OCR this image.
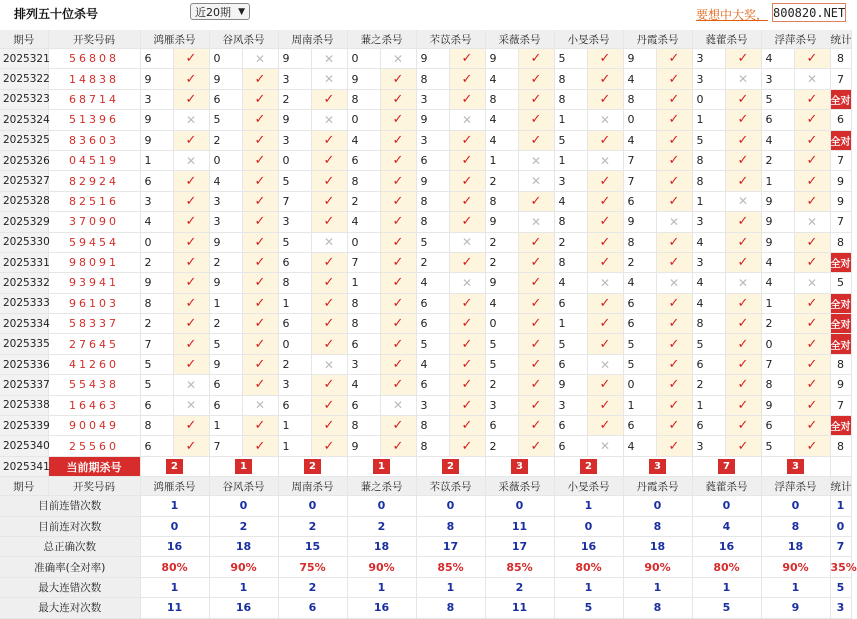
排列五十位杀号	近20期 ▼	要想中大奖， 800820.NET
期号	开奖号码	鸿雁杀号		谷风杀号		周南杀号		蒹之杀号		芣苡杀号		采薇杀号		小旻杀号		丹霞杀号		蕤藿杀号		浮萍杀号		统计
2025321	56808	6	✓	0	✕	9	✕	0	✕	9	✓	9	✓	5	✓	9	✓	3	✓	4	✓	8
2025322	14838	9	✓	9	✓	3	✕	9	✓	8	✓	4	✓	8	✓	4	✓	3	✕	3	✕	7
2025323	68714	3	✓	6	✓	2	✓	8	✓	3	✓	8	✓	8	✓	8	✓	0	✓	5	✓	全对
2025324	51396	9	✕	5	✓	9	✕	0	✓	9	✕	4	✓	1	✕	0	✓	1	✓	6	✓	6
2025325	83603	9	✓	2	✓	3	✓	4	✓	3	✓	4	✓	5	✓	4	✓	5	✓	4	✓	全对
2025326	04519	1	✕	0	✓	0	✓	6	✓	6	✓	1	✕	1	✕	7	✓	8	✓	2	✓	7
2025327	82924	6	✓	4	✓	5	✓	8	✓	9	✓	2	✕	3	✓	7	✓	8	✓	1	✓	9
2025328	82516	3	✓	3	✓	7	✓	2	✓	8	✓	8	✓	4	✓	6	✓	1	✕	9	✓	9
2025329	37090	4	✓	3	✓	3	✓	4	✓	8	✓	9	✕	8	✓	9	✕	3	✓	9	✕	7
2025330	59454	0	✓	9	✓	5	✕	0	✓	5	✕	2	✓	2	✓	8	✓	4	✓	9	✓	8
2025331	98091	2	✓	2	✓	6	✓	7	✓	2	✓	2	✓	8	✓	2	✓	3	✓	4	✓	全对
2025332	93941	9	✓	9	✓	8	✓	1	✓	4	✕	9	✓	4	✕	4	✕	4	✕	4	✕	5
2025333	96103	8	✓	1	✓	1	✓	8	✓	6	✓	4	✓	6	✓	6	✓	4	✓	1	✓	全对
2025334	58337	2	✓	2	✓	6	✓	8	✓	6	✓	0	✓	1	✓	6	✓	8	✓	2	✓	全对
2025335	27645	7	✓	5	✓	0	✓	6	✓	5	✓	5	✓	5	✓	5	✓	5	✓	0	✓	全对
2025336	41260	5	✓	9	✓	2	✕	3	✓	4	✓	5	✓	6	✕	5	✓	6	✓	7	✓	8
2025337	55438	5	✕	6	✓	3	✓	4	✓	6	✓	2	✓	9	✓	0	✓	2	✓	8	✓	9
2025338	16463	6	✕	6	✕	6	✓	6	✕	3	✓	3	✓	3	✓	1	✓	1	✓	9	✓	7
2025339	90049	8	✓	1	✓	1	✓	8	✓	8	✓	6	✓	6	✓	6	✓	6	✓	6	✓	全对
2025340	25560	6	✓	7	✓	1	✓	9	✓	8	✓	2	✓	6	✕	4	✓	3	✓	5	✓	8
2025341	当前期杀号	2		1		2		1		2		3		2		3		7		3		
期号	开奖号码	鸿雁杀号		谷风杀号		周南杀号		蒹之杀号		芣苡杀号		采薇杀号		小旻杀号		丹霞杀号		蕤藿杀号		浮萍杀号		统计
目前连错次数		1		0		0		0		0		0		1		0		0		0		1
目前连对次数		0		2		2		2		8		11		0		8		4		8		0
总正确次数		16		18		15		18		17		17		16		18		16		18		7
准确率(全对率)		80%		90%		75%		90%		85%		85%		80%		90%		80%		90%		35%
最大连错次数		1		1		2		1		1		2		1		1		1		1		5
最大连对次数		11		16		6		16		8		11		5		8		5		9		3
